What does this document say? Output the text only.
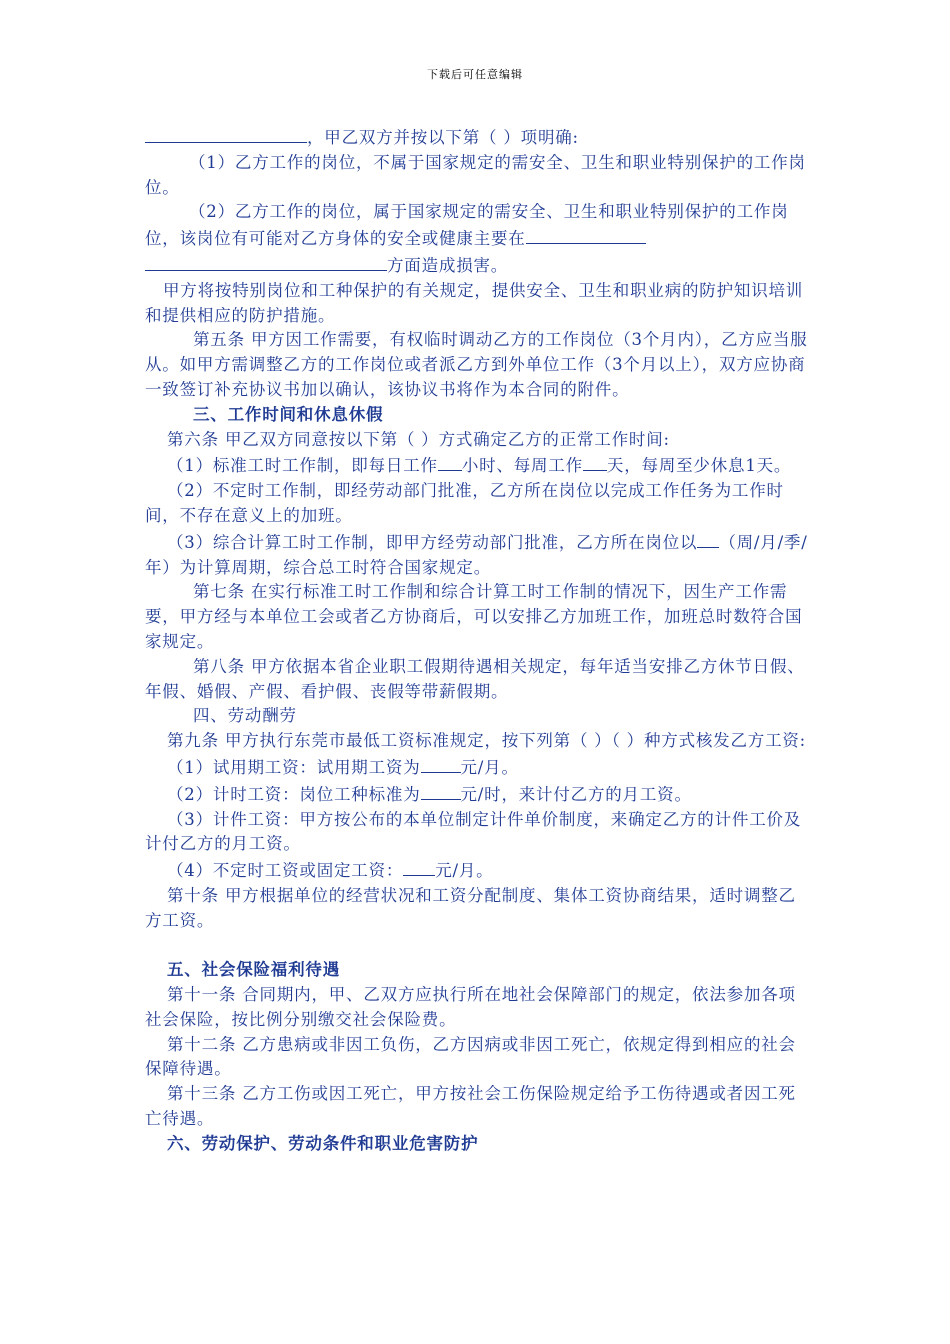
下载后可任意编辑

，甲乙双方并按以下第（ ）项明确:

（1）乙方工作的岗位，不属于国家规定的需安全、卫生和职业特别保护的工作岗位。

（2）乙方工作的岗位，属于国家规定的需安全、卫生和职业特别保护的工作岗位，该岗位有可能对乙方身体的安全或健康主要在

方面造成损害。

甲方将按特别岗位和工种保护的有关规定，提供安全、卫生和职业病的防护知识培训和提供相应的防护措施。

第五条 甲方因工作需要，有权临时调动乙方的工作岗位（3个月内），乙方应当服从。如甲方需调整乙方的工作岗位或者派乙方到外单位工作（3个月以上），双方应协商一致签订补充协议书加以确认，该协议书将作为本合同的附件。

三、工作时间和休息休假

第六条 甲乙双方同意按以下第（ ）方式确定乙方的正常工作时间:

（1）标准工时工作制，即每日工作 小时、每周工作 天，每周至少休息1天。

（2）不定时工作制，即经劳动部门批准，乙方所在岗位以完成工作任务为工作时间，不存在意义上的加班。

（3）综合计算工时工作制，即甲方经劳动部门批准，乙方所在岗位以 （周/月/季/年）为计算周期，综合总工时符合国家规定。

第七条 在实行标准工时工作制和综合计算工时工作制的情况下，因生产工作需要，甲方经与本单位工会或者乙方协商后，可以安排乙方加班工作，加班总时数符合国家规定。

第八条 甲方依据本省企业职工假期待遇相关规定，每年适当安排乙方休节日假、年假、婚假、产假、看护假、丧假等带薪假期。

四、劳动酬劳

第九条 甲方执行东莞市最低工资标准规定，按下列第（ ）（ ）种方式核发乙方工资:

（1）试用期工资：试用期工资为 元/月。

（2）计时工资：岗位工种标准为 元/时，来计付乙方的月工资。

（3）计件工资：甲方按公布的本单位制定计件单价制度，来确定乙方的计件工价及计付乙方的月工资。

（4）不定时工资或固定工资： 元/月。

第十条 甲方根据单位的经营状况和工资分配制度、集体工资协商结果，适时调整乙方工资。

五、社会保险福利待遇

第十一条 合同期内，甲、乙双方应执行所在地社会保障部门的规定，依法参加各项社会保险，按比例分别缴交社会保险费。

第十二条 乙方患病或非因工负伤，乙方因病或非因工死亡，依规定得到相应的社会保障待遇。

第十三条 乙方工伤或因工死亡，甲方按社会工伤保险规定给予工伤待遇或者因工死亡待遇。

六、劳动保护、劳动条件和职业危害防护
